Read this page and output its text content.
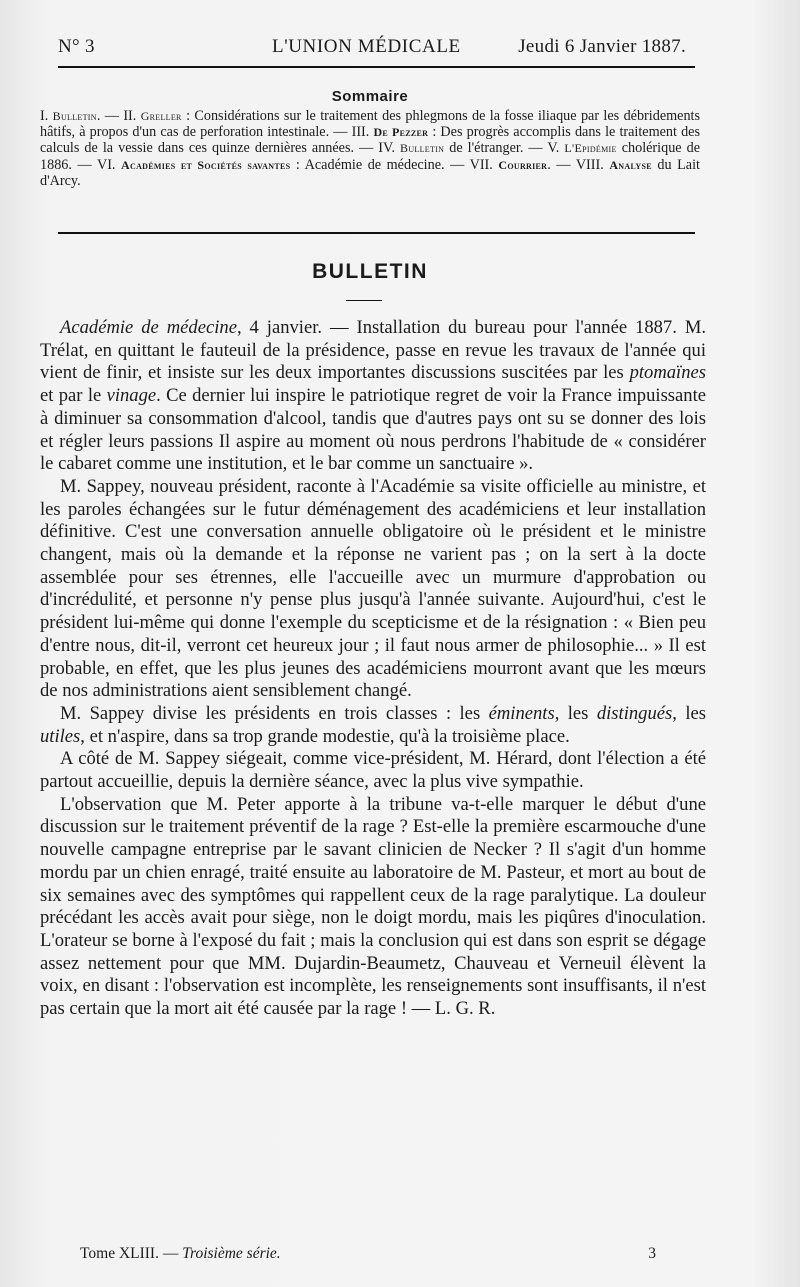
N° 3	L'UNION MÉDICALE	Jeudi 6 Janvier 1887.
Sommaire
I. Bulletin. — II. Greller : Considérations sur le traitement des phlegmons de la fosse iliaque par les débridements hâtifs, à propos d'un cas de perforation intestinale. — III. De Pezzer : Des progrès accomplis dans le traitement des calculs de la vessie dans ces quinze dernières années. — IV. Bulletin de l'étranger. — V. L'Epidémie cholérique de 1886. — VI. Académies et Sociétés savantes : Académie de médecine. — VII. Courrier. — VIII. Analyse du Lait d'Arcy.
BULLETIN

Académie de médecine, 4 janvier. — Installation du bureau pour l'année 1887. M. Trélat, en quittant le fauteuil de la présidence, passe en revue les travaux de l'année qui vient de finir, et insiste sur les deux importantes discussions suscitées par les ptomaïnes et par le vinage. Ce dernier lui inspire le patriotique regret de voir la France impuissante à diminuer sa consommation d'alcool, tandis que d'autres pays ont su se donner des lois et régler leurs passions Il aspire au moment où nous perdrons l'habitude de « considérer le cabaret comme une institution, et le bar comme un sanctuaire ».

M. Sappey, nouveau président, raconte à l'Académie sa visite officielle au ministre, et les paroles échangées sur le futur déménagement des académiciens et leur installation définitive. C'est une conversation annuelle obligatoire où le président et le ministre changent, mais où la demande et la réponse ne varient pas ; on la sert à la docte assemblée pour ses étrennes, elle l'accueille avec un murmure d'approbation ou d'incrédulité, et personne n'y pense plus jusqu'à l'année suivante. Aujourd'hui, c'est le président lui-même qui donne l'exemple du scepticisme et de la résignation : « Bien peu d'entre nous, dit-il, verront cet heureux jour ; il faut nous armer de philosophie... » Il est probable, en effet, que les plus jeunes des académiciens mourront avant que les mœurs de nos administrations aient sensiblement changé.

M. Sappey divise les présidents en trois classes : les éminents, les distingués, les utiles, et n'aspire, dans sa trop grande modestie, qu'à la troisième place.

A côté de M. Sappey siégeait, comme vice-président, M. Hérard, dont l'élection a été partout accueillie, depuis la dernière séance, avec la plus vive sympathie.

L'observation que M. Peter apporte à la tribune va-t-elle marquer le début d'une discussion sur le traitement préventif de la rage ? Est-elle la première escarmouche d'une nouvelle campagne entreprise par le savant clinicien de Necker ? Il s'agit d'un homme mordu par un chien enragé, traité ensuite au laboratoire de M. Pasteur, et mort au bout de six semaines avec des symptômes qui rappellent ceux de la rage paralytique. La douleur précédant les accès avait pour siège, non le doigt mordu, mais les piqûres d'inoculation. L'orateur se borne à l'exposé du fait ; mais la conclusion qui est dans son esprit se dégage assez nettement pour que MM. Dujardin-Beaumetz, Chauveau et Verneuil élèvent la voix, en disant : l'observation est incomplète, les renseignements sont insuffisants, il n'est pas certain que la mort ait été causée par la rage ! — L. G. R.

Tome XLIII. — Troisième série.	3
